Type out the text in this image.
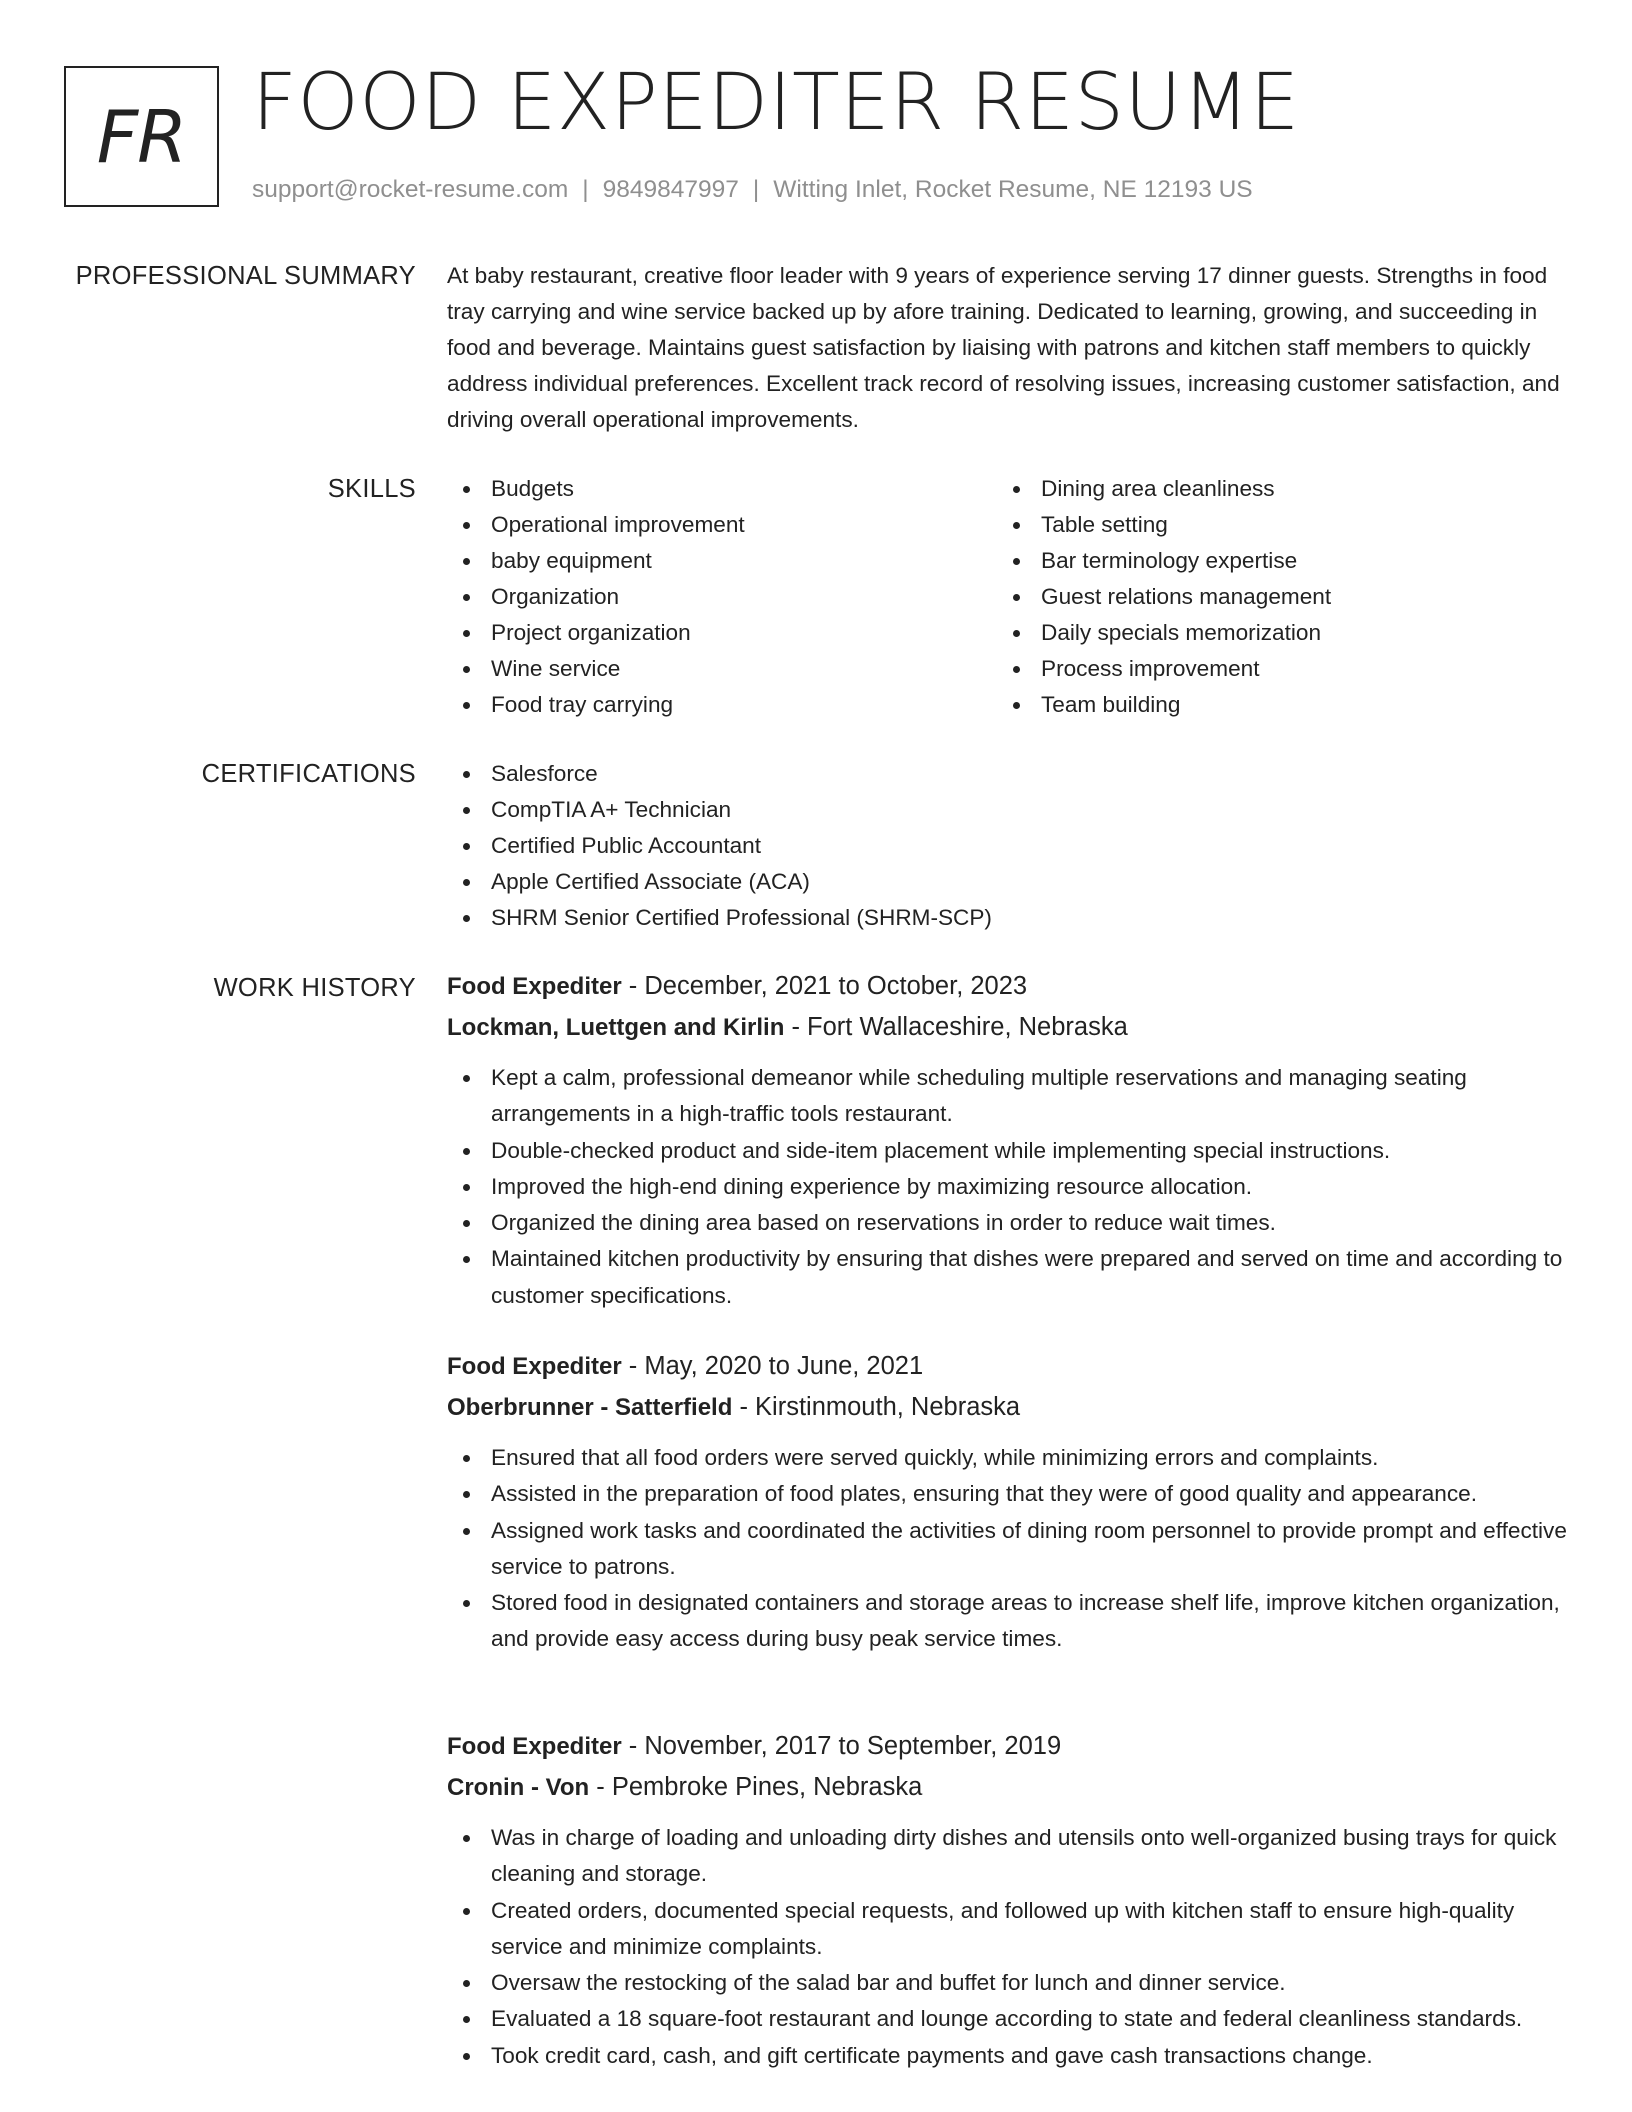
FR FOOD EXPEDITER RESUME
support@rocket-resume.com | 9849847997 | Witting Inlet, Rocket Resume, NE 12193 US
PROFESSIONAL SUMMARY At baby restaurant, creative floor leader with 9 years of experience serving 17 dinner guests. Strengths in food tray carrying and wine service backed up by afore training. Dedicated to learning, growing, and succeeding in food and beverage. Maintains guest satisfaction by liaising with patrons and kitchen staff members to quickly address individual preferences. Excellent track record of resolving issues, increasing customer satisfaction, and driving overall operational improvements.
SKILLS	Budgets
Operational improvement
baby equipment
Organization
Project organization
Wine service
Food tray carrying
Dining area cleanliness
Table setting
Bar terminology expertise
Guest relations management
Daily specials memorization
Process improvement
Team building
CERTIFICATIONS	Salesforce
CompTIA A+ Technician
Certified Public Accountant
Apple Certified Associate (ACA)
SHRM Senior Certified Professional (SHRM-SCP)
WORK HISTORY Food Expediter - December, 2021 to October, 2023
Lockman, Luettgen and Kirlin - Fort Wallaceshire, Nebraska
Kept a calm, professional demeanor while scheduling multiple reservations and managing seating arrangements in a high-traffic tools restaurant.
Double-checked product and side-item placement while implementing special instructions.
Improved the high-end dining experience by maximizing resource allocation.
Organized the dining area based on reservations in order to reduce wait times.
Maintained kitchen productivity by ensuring that dishes were prepared and served on time and according to customer specifications.
Food Expediter - May, 2020 to June, 2021
Oberbrunner - Satterfield - Kirstinmouth, Nebraska
Ensured that all food orders were served quickly, while minimizing errors and complaints.
Assisted in the preparation of food plates, ensuring that they were of good quality and appearance.
Assigned work tasks and coordinated the activities of dining room personnel to provide prompt and effective service to patrons.
Stored food in designated containers and storage areas to increase shelf life, improve kitchen organization, and provide easy access during busy peak service times.
Food Expediter - November, 2017 to September, 2019
Cronin - Von - Pembroke Pines, Nebraska
Was in charge of loading and unloading dirty dishes and utensils onto well-organized busing trays for quick cleaning and storage.
Created orders, documented special requests, and followed up with kitchen staff to ensure high-quality service and minimize complaints.
Oversaw the restocking of the salad bar and buffet for lunch and dinner service.
Evaluated a 18 square-foot restaurant and lounge according to state and federal cleanliness standards.
Took credit card, cash, and gift certificate payments and gave cash transactions change.
